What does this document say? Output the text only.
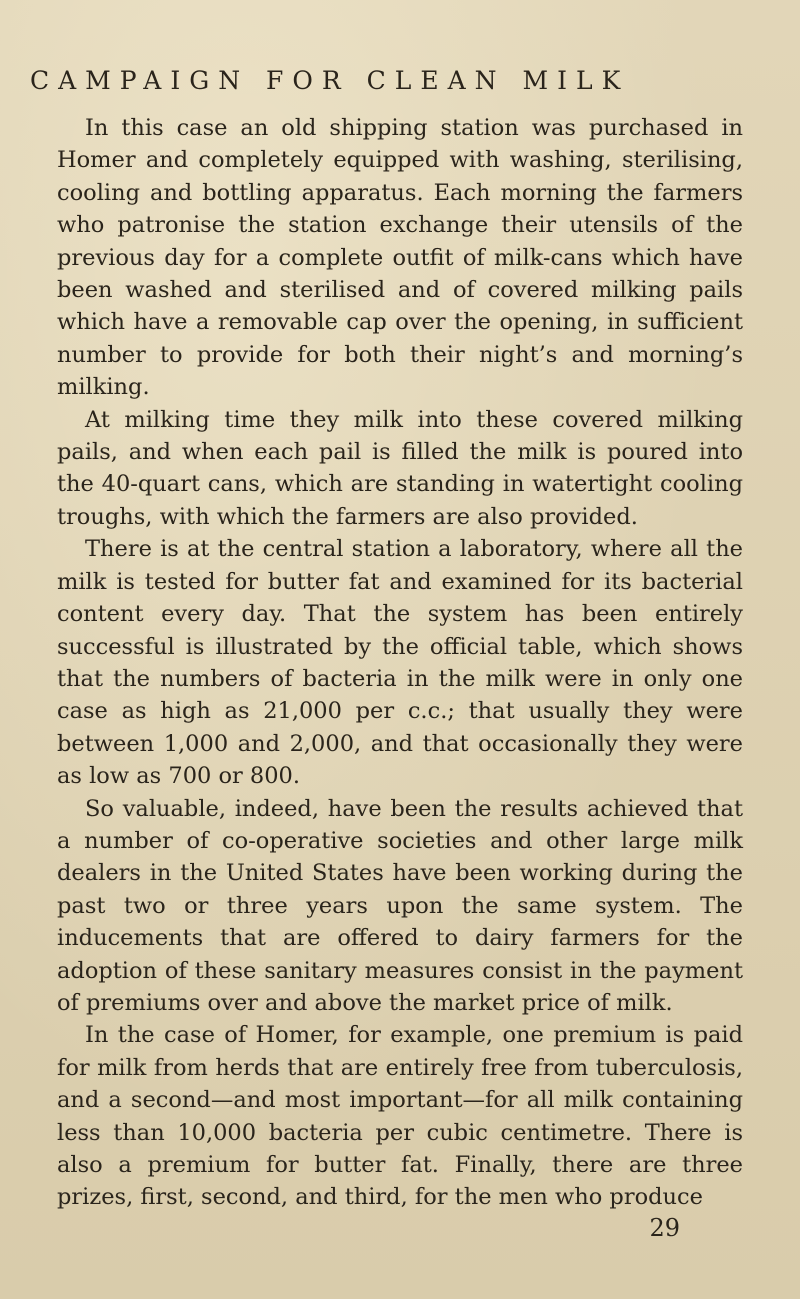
CAMPAIGN FOR CLEAN MILK

In this case an old shipping station was purchased in Homer and completely equipped with washing, sterilising, cooling and bottling apparatus. Each morning the farmers who patronise the station exchange their utensils of the previous day for a complete outfit of milk-cans which have been washed and sterilised and of covered milking pails which have a removable cap over the opening, in sufficient number to provide for both their night’s and morning’s milking.

At milking time they milk into these covered milking pails, and when each pail is filled the milk is poured into the 40-quart cans, which are standing in watertight cooling troughs, with which the farmers are also provided.

There is at the central station a laboratory, where all the milk is tested for butter fat and examined for its bacterial content every day. That the system has been entirely successful is illustrated by the official table, which shows that the numbers of bacteria in the milk were in only one case as high as 21,000 per c.c.; that usually they were between 1,000 and 2,000, and that occasionally they were as low as 700 or 800.

So valuable, indeed, have been the results achieved that a number of co-operative societies and other large milk dealers in the United States have been working during the past two or three years upon the same system. The inducements that are offered to dairy farmers for the adoption of these sanitary measures consist in the payment of premiums over and above the market price of milk.

In the case of Homer, for example, one premium is paid for milk from herds that are entirely free from tuberculosis, and a second—and most important—for all milk containing less than 10,000 bacteria per cubic centimetre. There is also a premium for butter fat. Finally, there are three prizes, first, second, and third, for the men who produce

29
